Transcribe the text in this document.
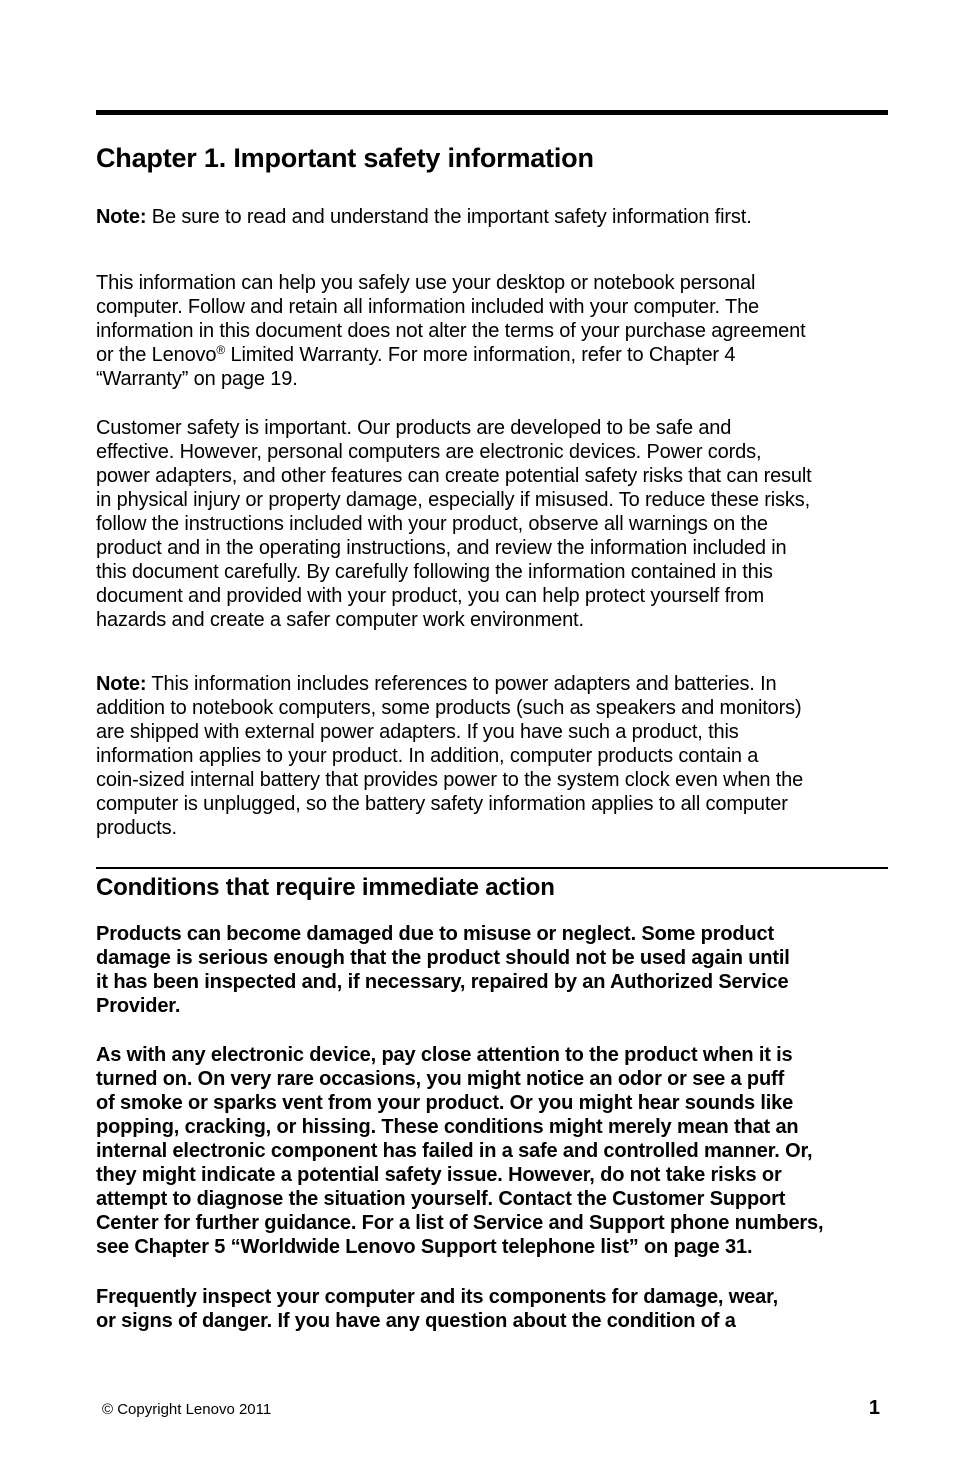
Chapter 1. Important safety information

Note: Be sure to read and understand the important safety information first.

This information can help you safely use your desktop or notebook personal
computer. Follow and retain all information included with your computer. The
information in this document does not alter the terms of your purchase agreement
or the Lenovo® Limited Warranty. For more information, refer to Chapter 4
“Warranty” on page 19.

Customer safety is important. Our products are developed to be safe and
effective. However, personal computers are electronic devices. Power cords,
power adapters, and other features can create potential safety risks that can result
in physical injury or property damage, especially if misused. To reduce these risks,
follow the instructions included with your product, observe all warnings on the
product and in the operating instructions, and review the information included in
this document carefully. By carefully following the information contained in this
document and provided with your product, you can help protect yourself from
hazards and create a safer computer work environment.

Note: This information includes references to power adapters and batteries. In
addition to notebook computers, some products (such as speakers and monitors)
are shipped with external power adapters. If you have such a product, this
information applies to your product. In addition, computer products contain a
coin-sized internal battery that provides power to the system clock even when the
computer is unplugged, so the battery safety information applies to all computer
products.

Conditions that require immediate action

Products can become damaged due to misuse or neglect. Some product
damage is serious enough that the product should not be used again until
it has been inspected and, if necessary, repaired by an Authorized Service
Provider.

As with any electronic device, pay close attention to the product when it is
turned on. On very rare occasions, you might notice an odor or see a puff
of smoke or sparks vent from your product. Or you might hear sounds like
popping, cracking, or hissing. These conditions might merely mean that an
internal electronic component has failed in a safe and controlled manner. Or,
they might indicate a potential safety issue. However, do not take risks or
attempt to diagnose the situation yourself. Contact the Customer Support
Center for further guidance. For a list of Service and Support phone numbers,
see Chapter 5 “Worldwide Lenovo Support telephone list” on page 31.

Frequently inspect your computer and its components for damage, wear,
or signs of danger. If you have any question about the condition of a

© Copyright Lenovo 2011	1
